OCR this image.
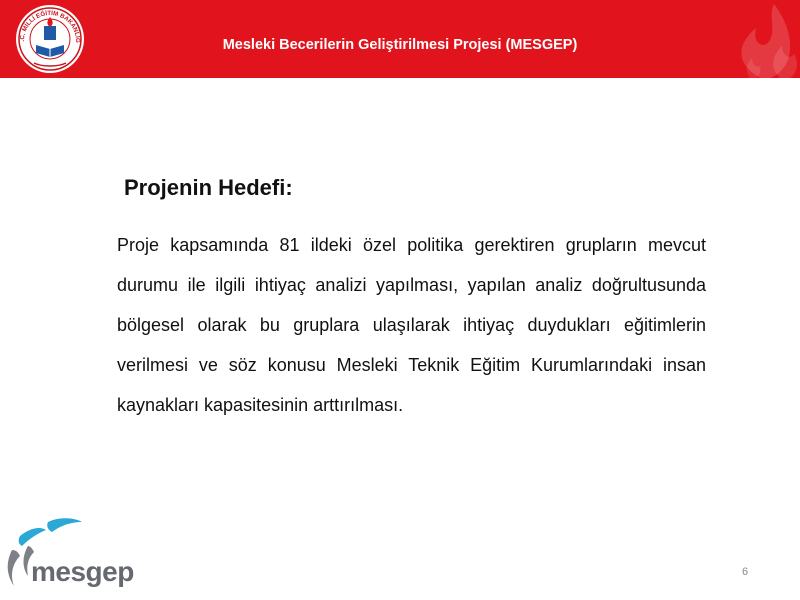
.C. MİLLİ EĞİTİM BAKANLIĞ	Mesleki Becerilerin Geliştirilmesi Projesi (MESGEP)
Projenin Hedefi:
Proje kapsamında 81 ildeki özel politika gerektiren grupların mevcut durumu ile ilgili ihtiyaç analizi yapılması, yapılan analiz doğrultusunda bölgesel olarak bu gruplara ulaşılarak ihtiyaç duydukları eğitimlerin verilmesi ve söz konusu Mesleki Teknik Eğitim Kurumlarındaki insan kaynakları kapasitesinin arttırılması.
mesgep	6
